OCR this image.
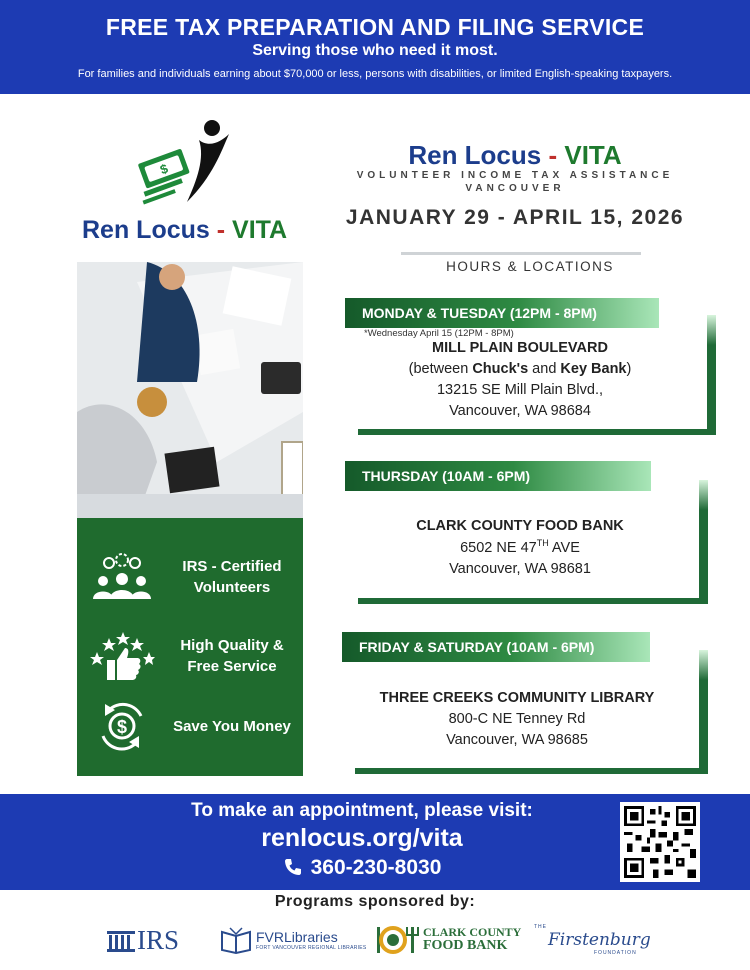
FREE TAX PREPARATION AND FILING SERVICE
Serving those who need it most.
For families and individuals earning about $70,000 or less, persons with disabilities, or limited English-speaking taxpayers.
$
Ren Locus - VITA
IRS - Certified Volunteers
High Quality & Free Service
$	Save You Money
Ren Locus - VITA
VOLUNTEER INCOME TAX ASSISTANCE
VANCOUVER
JANUARY 29 - APRIL 15, 2026
HOURS & LOCATIONS
MONDAY & TUESDAY (12PM - 8PM)
*Wednesday April 15 (12PM - 8PM)
MILL PLAIN BOULEVARD
(between Chuck's and Key Bank)
13215 SE Mill Plain Blvd.,
Vancouver, WA 98684
THURSDAY (10AM - 6PM)
CLARK COUNTY FOOD BANK
6502 NE 47TH AVE
Vancouver, WA 98681
FRIDAY & SATURDAY (10AM - 6PM)
THREE CREEKS COMMUNITY LIBRARY
800-C NE Tenney Rd
Vancouver, WA 98685
To make an appointment, please visit:
renlocus.org/vita
360-230-8030
Programs sponsored by:
IRS	FVRLibraries
FORT VANCOUVER REGIONAL LIBRARIES
CLARK COUNTY
FOOD BANK
THE
Firstenburg
FOUNDATION
